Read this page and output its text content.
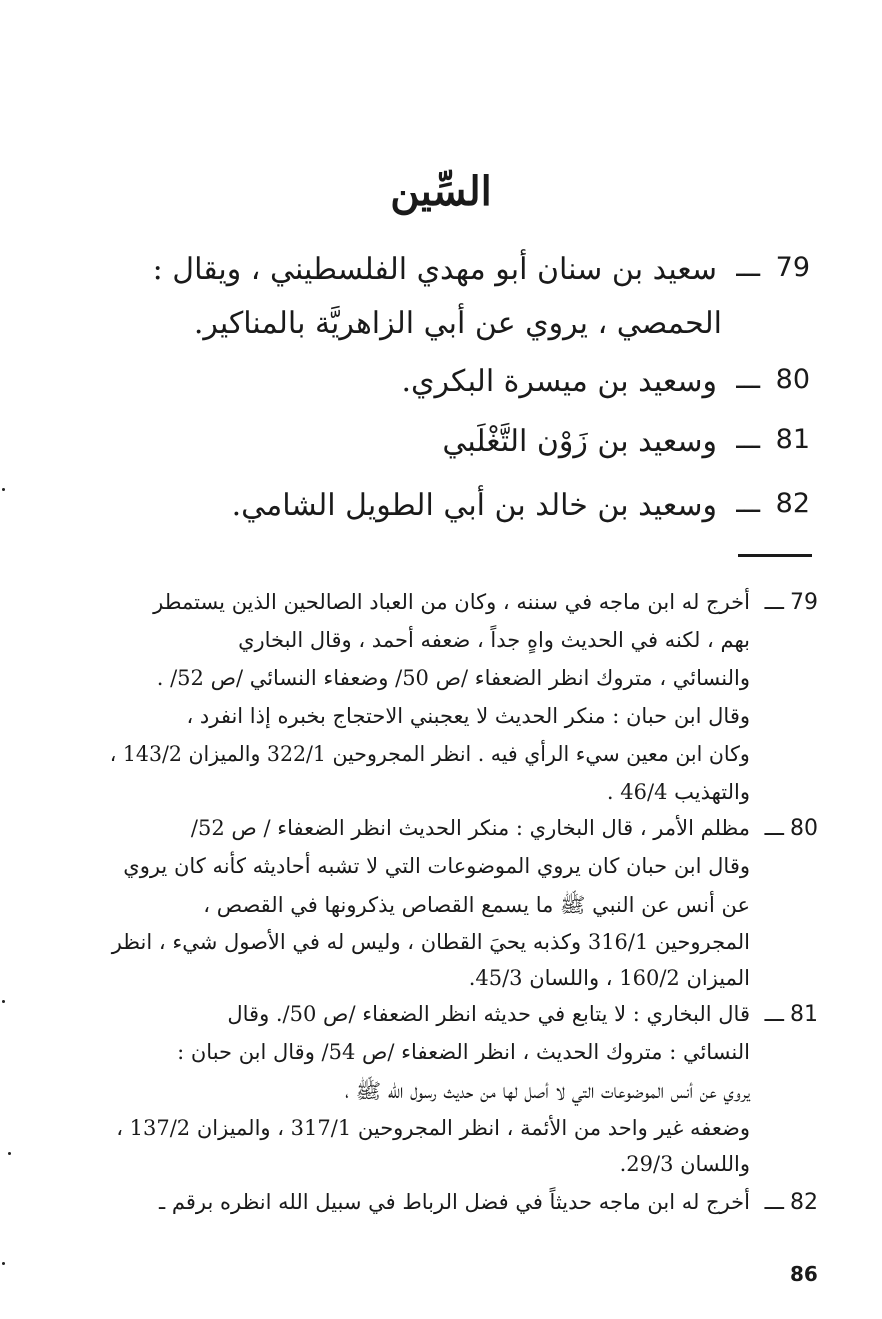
السِّين
79
ـــ
سعيد بن سنان أبو مهدي الفلسطيني ، ويقال :
الحمصي ، يروي عن أبي الزاهريَّة بالمناكير.
80
ـــ
وسعيد بن ميسرة البكري.
81
ـــ
وسعيد بن زَوْن التَّغْلَبي
82
ـــ
وسعيد بن خالد بن أبي الطويل الشامي.
79
ـــ
أخرج له ابن ماجه في سننه ، وكان من العباد الصالحين الذين يستمطر
بهم ، لكنه في الحديث واهٍ جداً ، ضعفه أحمد ، وقال البخاري
والنسائي ، متروك انظر الضعفاء /ص 50/ وضعفاء النسائي /ص 52/ .
وقال ابن حبان : منكر الحديث لا يعجبني الاحتجاج بخبره إذا انفرد ،
وكان ابن معين سيء الرأي فيه . انظر المجروحين 322/1 والميزان 143/2 ،
والتهذيب 46/4 .
80
ـــ
مظلم الأمر ، قال البخاري : منكر الحديث انظر الضعفاء / ص 52/
وقال ابن حبان كان يروي الموضوعات التي لا تشبه أحاديثه كأنه كان يروي
عن أنس عن النبي ﷺ ما يسمع القصاص يذكرونها في القصص ،
المجروحين 316/1 وكذبه يحيَ القطان ، وليس له في الأصول شيء ، انظر
الميزان 160/2 ، واللسان 45/3.
81
ـــ
قال البخاري : لا يتابع في حديثه انظر الضعفاء /ص 50/. وقال
النسائي : متروك الحديث ، انظر الضعفاء /ص 54/ وقال ابن حبان :
يروي عن أنس الموضوعات التي لا أصل لها من حديث رسول الله ﷺ ،
وضعفه غير واحد من الأئمة ، انظر المجروحين 317/1 ، والميزان 137/2 ،
واللسان 29/3.
82
ـــ
أخرج له ابن ماجه حديثاً في فضل الرباط في سبيل الله انظره برقم ـ
86
